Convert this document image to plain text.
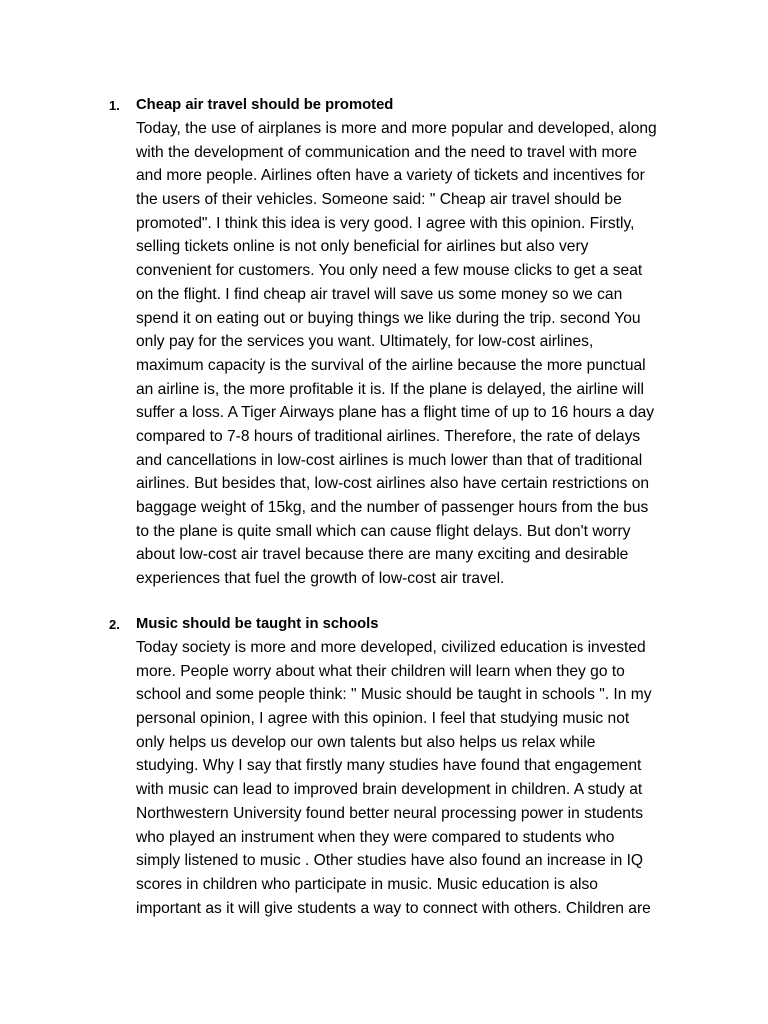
1. Cheap air travel should be promoted
Today, the use of airplanes is more and more popular and developed, along
with the development of communication and the need to travel with more
and more people. Airlines often have a variety of tickets and incentives for
the users of their vehicles. Someone said: " Cheap air travel should be
promoted". I think this idea is very good. I agree with this opinion. Firstly,
selling tickets online is not only beneficial for airlines but also very
convenient for customers. You only need a few mouse clicks to get a seat
on the flight. I find cheap air travel will save us some money so we can
spend it on eating out or buying things we like during the trip. second You
only pay for the services you want. Ultimately, for low-cost airlines,
maximum capacity is the survival of the airline because the more punctual
an airline is, the more profitable it is. If the plane is delayed, the airline will
suffer a loss. A Tiger Airways plane has a flight time of up to 16 hours a day
compared to 7-8 hours of traditional airlines. Therefore, the rate of delays
and cancellations in low-cost airlines is much lower than that of traditional
airlines. But besides that, low-cost airlines also have certain restrictions on
baggage weight of 15kg, and the number of passenger hours from the bus
to the plane is quite small which can cause flight delays. But don't worry
about low-cost air travel because there are many exciting and desirable
experiences that fuel the growth of low-cost air travel.
2. Music should be taught in schools
Today society is more and more developed, civilized education is invested
more. People worry about what their children will learn when they go to
school and some people think: " Music should be taught in schools ". In my
personal opinion, I agree with this opinion. I feel that studying music not
only helps us develop our own talents but also helps us relax while
studying. Why I say that firstly many studies have found that engagement
with music can lead to improved brain development in children. A study at
Northwestern University found better neural processing power in students
who played an instrument when they were compared to students who
simply listened to music . Other studies have also found an increase in IQ
scores in children who participate in music. Music education is also
important as it will give students a way to connect with others. Children are
